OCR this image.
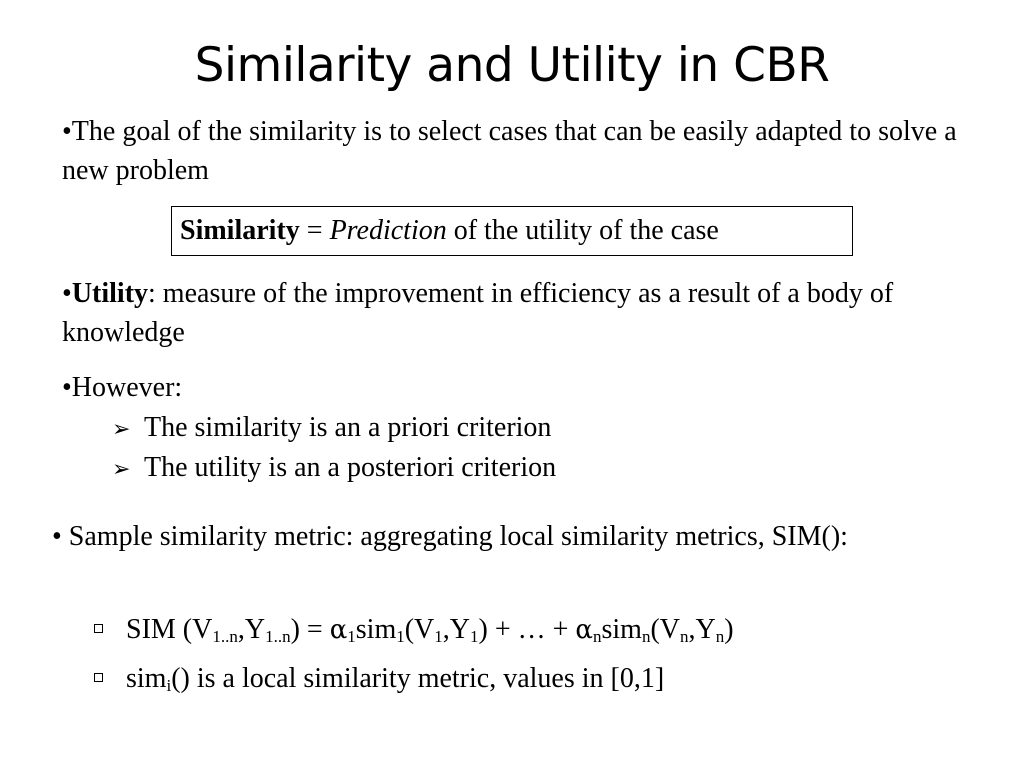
Similarity and Utility in CBR

•The goal of the similarity is to select cases that can be easily adapted to solve a new problem

Similarity = Prediction of the utility of the case

•Utility: measure of the improvement in efficiency as a result of a body of knowledge

•However:

➢ The similarity is an a priori criterion
➢ The utility is an a posteriori criterion

• Sample similarity metric: aggregating local similarity metrics, SIM():

SIM $(V_{1..n},Y_{1..n}) = \alpha_1sim_1(V_1,Y_1)$ + … + $\alpha_nsim_n(V_n,Y_n)$
sim$_i$() is a local similarity metric, values in [0,1]
